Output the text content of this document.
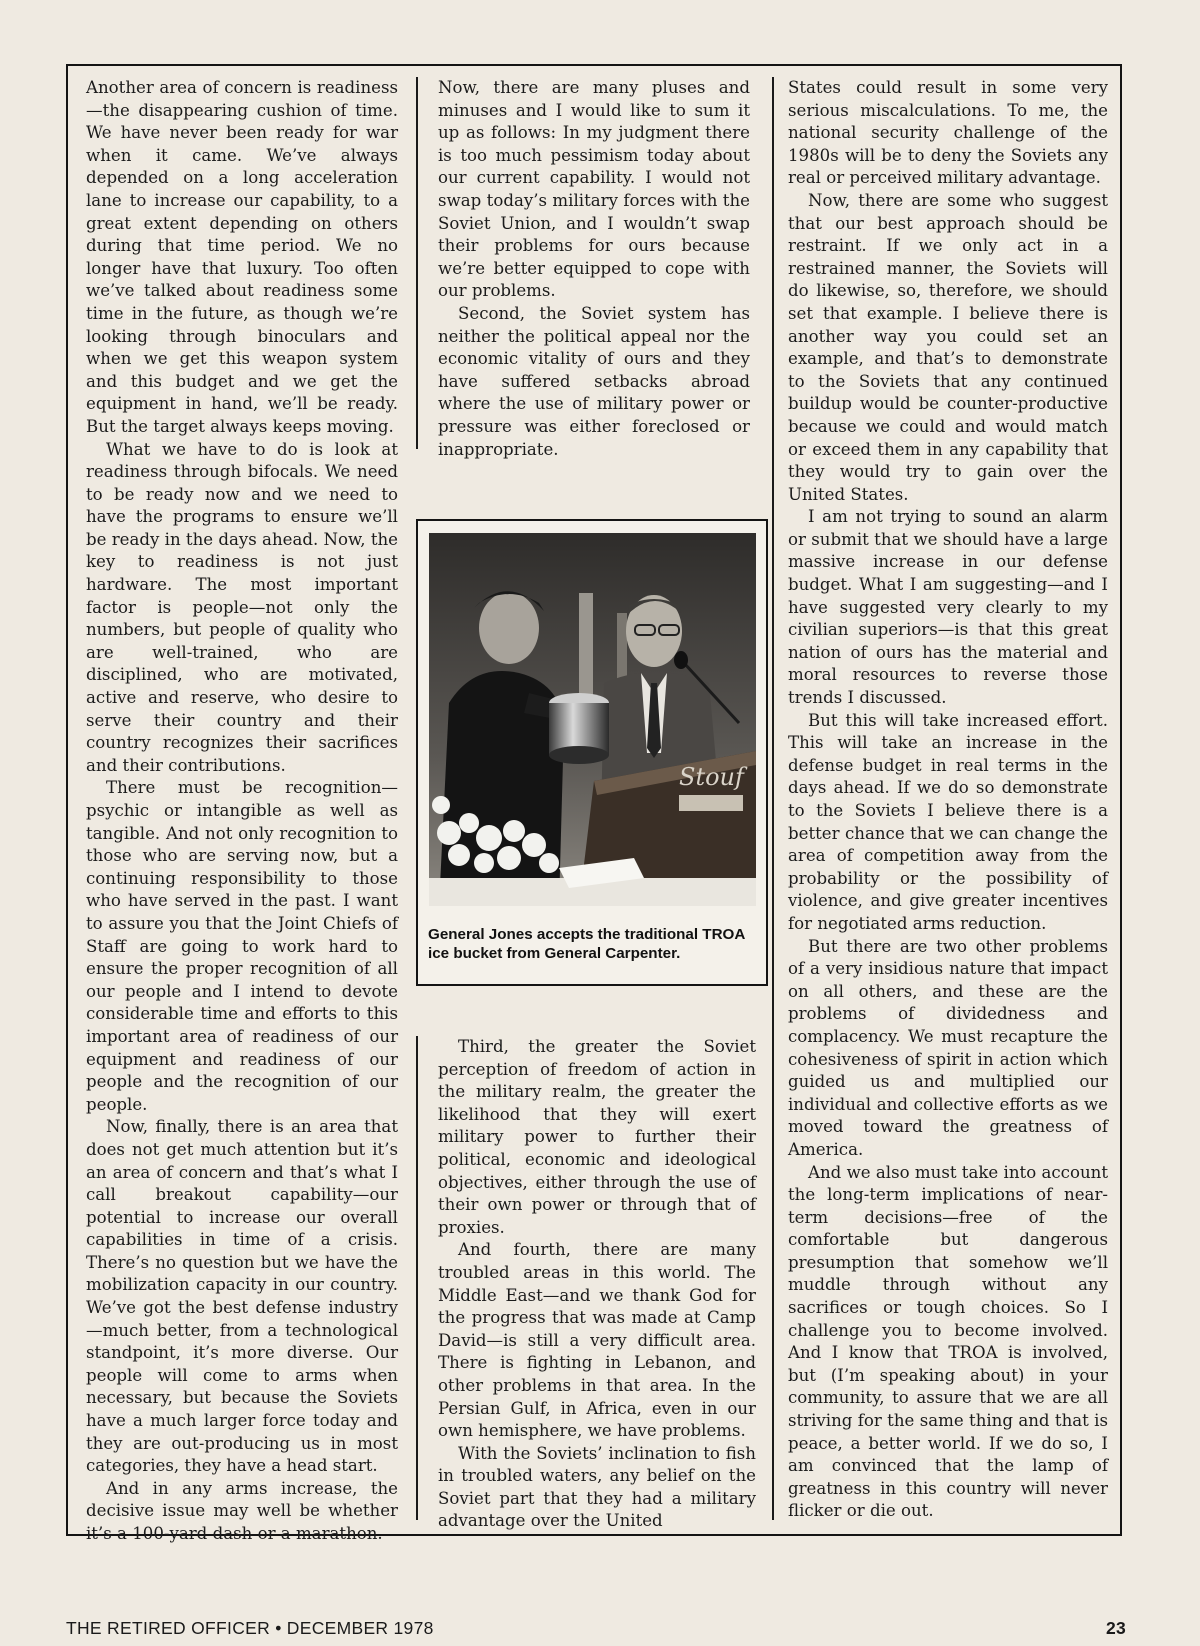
Another area of concern is readiness—the disappearing cushion of time. We have never been ready for war when it came. We’ve always depended on a long acceleration lane to increase our capability, to a great extent depending on others during that time period. We no longer have that luxury. Too often we’ve talked about readiness some time in the future, as though we’re looking through binoculars and when we get this weapon system and this budget and we get the equipment in hand, we’ll be ready. But the target always keeps moving.

What we have to do is look at readiness through bifocals. We need to be ready now and we need to have the programs to ensure we’ll be ready in the days ahead. Now, the key to readiness is not just hardware. The most important factor is people—not only the numbers, but people of quality who are well-trained, who are disciplined, who are motivated, active and reserve, who desire to serve their country and their country recognizes their sacrifices and their contributions.

There must be recognition—psychic or intangible as well as tangible. And not only recognition to those who are serving now, but a continuing responsibility to those who have served in the past. I want to assure you that the Joint Chiefs of Staff are going to work hard to ensure the proper recognition of all our people and I intend to devote considerable time and efforts to this important area of readiness of our equipment and readiness of our people and the recognition of our people.

Now, finally, there is an area that does not get much attention but it’s an area of concern and that’s what I call breakout capability—our potential to increase our overall capabilities in time of a crisis. There’s no question but we have the mobilization capacity in our country. We’ve got the best defense industry—much better, from a technological standpoint, it’s more diverse. Our people will come to arms when necessary, but because the Soviets have a much larger force today and they are out-producing us in most categories, they have a head start.

And in any arms increase, the decisive issue may well be whether it’s a 100-yard dash or a marathon.

Now, there are many pluses and minuses and I would like to sum it up as follows: In my judgment there is too much pessimism today about our current capability. I would not swap today’s military forces with the Soviet Union, and I wouldn’t swap their problems for ours because we’re better equipped to cope with our problems.

Second, the Soviet system has neither the political appeal nor the economic vitality of ours and they have suffered setbacks abroad where the use of military power or pressure was either foreclosed or inappropriate.

Stouf
General Jones accepts the traditional TROA ice bucket from General Carpenter.

Third, the greater the Soviet perception of freedom of action in the military realm, the greater the likelihood that they will exert military power to further their political, economic and ideological objectives, either through the use of their own power or through that of proxies.

And fourth, there are many troubled areas in this world. The Middle East—and we thank God for the progress that was made at Camp David—is still a very difficult area. There is fighting in Lebanon, and other problems in that area. In the Persian Gulf, in Africa, even in our own hemisphere, we have problems.

With the Soviets’ inclination to fish in troubled waters, any belief on the Soviet part that they had a military advantage over the United

States could result in some very serious miscalculations. To me, the national security challenge of the 1980s will be to deny the Soviets any real or perceived military advantage.

Now, there are some who suggest that our best approach should be restraint. If we only act in a restrained manner, the Soviets will do likewise, so, therefore, we should set that example. I believe there is another way you could set an example, and that’s to demonstrate to the Soviets that any continued buildup would be counter-productive because we could and would match or exceed them in any capability that they would try to gain over the United States.

I am not trying to sound an alarm or submit that we should have a large massive increase in our defense budget. What I am suggesting—and I have suggested very clearly to my civilian superiors—is that this great nation of ours has the material and moral resources to reverse those trends I discussed.

But this will take increased effort. This will take an increase in the defense budget in real terms in the days ahead. If we do so demonstrate to the Soviets I believe there is a better chance that we can change the area of competition away from the probability or the possibility of violence, and give greater incentives for negotiated arms reduction.

But there are two other problems of a very insidious nature that impact on all others, and these are the problems of dividedness and complacency. We must recapture the cohesiveness of spirit in action which guided us and multiplied our individual and collective efforts as we moved toward the greatness of America.

And we also must take into account the long-term implications of near-term decisions—free of the comfortable but dangerous presumption that somehow we’ll muddle through without any sacrifices or tough choices. So I challenge you to become involved. And I know that TROA is involved, but (I’m speaking about) in your community, to assure that we are all striving for the same thing and that is peace, a better world. If we do so, I am convinced that the lamp of greatness in this country will never flicker or die out.

THE RETIRED OFFICER • DECEMBER 1978	23
